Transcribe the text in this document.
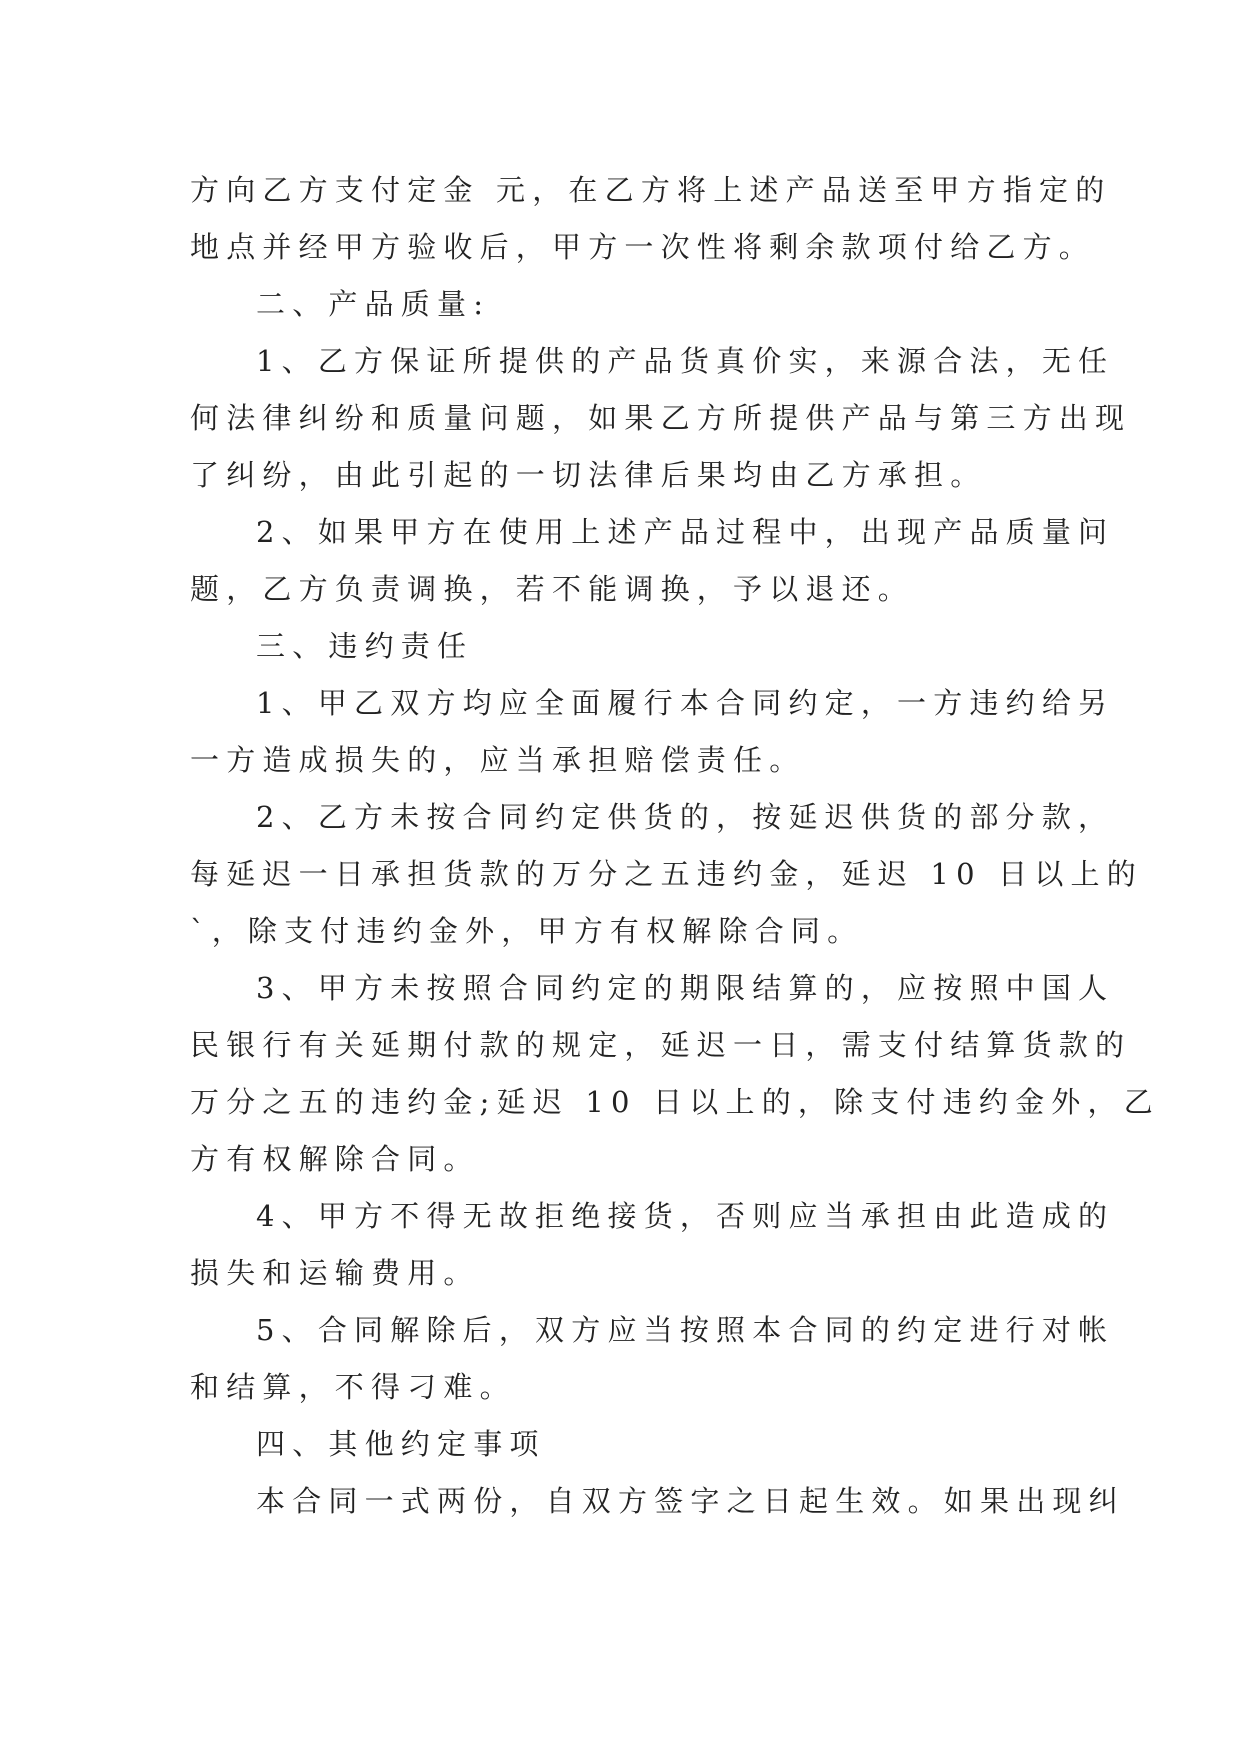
方向乙方支付定金 元，在乙方将上述产品送至甲方指定的
地点并经甲方验收后，甲方一次性将剩余款项付给乙方。
二、产品质量:
1、乙方保证所提供的产品货真价实，来源合法，无任
何法律纠纷和质量问题，如果乙方所提供产品与第三方出现
了纠纷，由此引起的一切法律后果均由乙方承担。
2、如果甲方在使用上述产品过程中，出现产品质量问
题，乙方负责调换，若不能调换，予以退还。
三、违约责任
1、甲乙双方均应全面履行本合同约定，一方违约给另
一方造成损失的，应当承担赔偿责任。
2、乙方未按合同约定供货的，按延迟供货的部分款，
每延迟一日承担货款的万分之五违约金，延迟 10 日以上的
`，除支付违约金外，甲方有权解除合同。
3、甲方未按照合同约定的期限结算的，应按照中国人
民银行有关延期付款的规定，延迟一日，需支付结算货款的
万分之五的违约金;延迟 10 日以上的，除支付违约金外，乙
方有权解除合同。
4、甲方不得无故拒绝接货，否则应当承担由此造成的
损失和运输费用。
5、合同解除后，双方应当按照本合同的约定进行对帐
和结算，不得刁难。
四、其他约定事项
本合同一式两份，自双方签字之日起生效。如果出现纠
